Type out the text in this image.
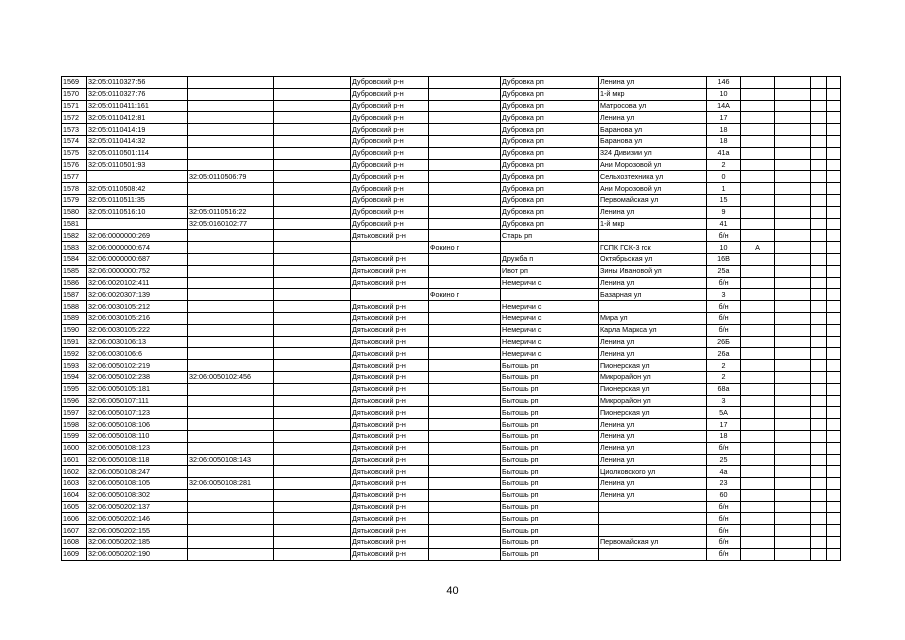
1569	32:05:0110327:56			Дубровский р-н		Дубровка рп	Ленина ул	146				
1570	32:05:0110327:76			Дубровский р-н		Дубровка рп	1-й мкр	10				
1571	32:05:0110411:161			Дубровский р-н		Дубровка рп	Матросова ул	14А				
1572	32:05:0110412:81			Дубровский р-н		Дубровка рп	Ленина ул	17				
1573	32:05:0110414:19			Дубровский р-н		Дубровка рп	Баранова ул	18				
1574	32:05:0110414:32			Дубровский р-н		Дубровка рп	Баранова ул	18				
1575	32:05:0110501:114			Дубровский р-н		Дубровка рп	324 Дивизии ул	41а				
1576	32:05:0110501:93			Дубровский р-н		Дубровка рп	Ани Морозовой ул	2				
1577		32:05:0110506:79		Дубровский р-н		Дубровка рп	Сельхозтехника ул	0				
1578	32:05:0110508:42			Дубровский р-н		Дубровка рп	Ани Морозовой ул	1				
1579	32:05:0110511:35			Дубровский р-н		Дубровка рп	Первомайская ул	15				
1580	32:05:0110516:10	32:05:0110516:22		Дубровский р-н		Дубровка рп	Ленина ул	9				
1581		32:05:0160102:77		Дубровский р-н		Дубровка рп	1-й мкр	41				
1582	32:06:0000000:269			Дятьковский р-н		Старь рп		б/н				
1583	32:06:0000000:674				Фокино г		ГСПК ГСК-3 гск	10	А			
1584	32:06:0000000:687			Дятьковский р-н		Дружба п	Октябрьская ул	16В				
1585	32:06:0000000:752			Дятьковский р-н		Ивот рп	Зины Ивановой ул	25а				
1586	32:06:0020102:411			Дятьковский р-н		Немеричи с	Ленина ул	б/н				
1587	32:06:0020307:139				Фокино г		Базарная ул	3				
1588	32:06:0030105:212			Дятьковский р-н		Немеричи с		б/н				
1589	32:06:0030105:216			Дятьковский р-н		Немеричи с	Мира ул	б/н				
1590	32:06:0030105:222			Дятьковский р-н		Немеричи с	Карла Маркса ул	б/н				
1591	32:06:0030106:13			Дятьковский р-н		Немеричи с	Ленина ул	26Б				
1592	32:06:0030106:6			Дятьковский р-н		Немеричи с	Ленина ул	26а				
1593	32:06:0050102:219			Дятьковский р-н		Бытошь рп	Пионерская ул	2				
1594	32:06:0050102:238	32:06:0050102:456		Дятьковский р-н		Бытошь рп	Микрорайон ул	2				
1595	32:06:0050105:181			Дятьковский р-н		Бытошь рп	Пионерская ул	68а				
1596	32:06:0050107:111			Дятьковский р-н		Бытошь рп	Микрорайон ул	3				
1597	32:06:0050107:123			Дятьковский р-н		Бытошь рп	Пионерская ул	5А				
1598	32:06:0050108:106			Дятьковский р-н		Бытошь рп	Ленина ул	17				
1599	32:06:0050108:110			Дятьковский р-н		Бытошь рп	Ленина ул	18				
1600	32:06:0050108:123			Дятьковский р-н		Бытошь рп	Ленина ул	б/н				
1601	32:06:0050108:118	32:06:0050108:143		Дятьковский р-н		Бытошь рп	Ленина ул	25				
1602	32:06:0050108:247			Дятьковский р-н		Бытошь рп	Циолковского ул	4а				
1603	32:06:0050108:105	32:06:0050108:281		Дятьковский р-н		Бытошь рп	Ленина ул	23				
1604	32:06:0050108:302			Дятьковский р-н		Бытошь рп	Ленина ул	60				
1605	32:06:0050202:137			Дятьковский р-н		Бытошь рп		б/н				
1606	32:06:0050202:146			Дятьковский р-н		Бытошь рп		б/н				
1607	32:06:0050202:155			Дятьковский р-н		Бытошь рп		б/н				
1608	32:06:0050202:185			Дятьковский р-н		Бытошь рп	Первомайская ул	б/н				
1609	32:06:0050202:190			Дятьковский р-н		Бытошь рп		б/н				
40
